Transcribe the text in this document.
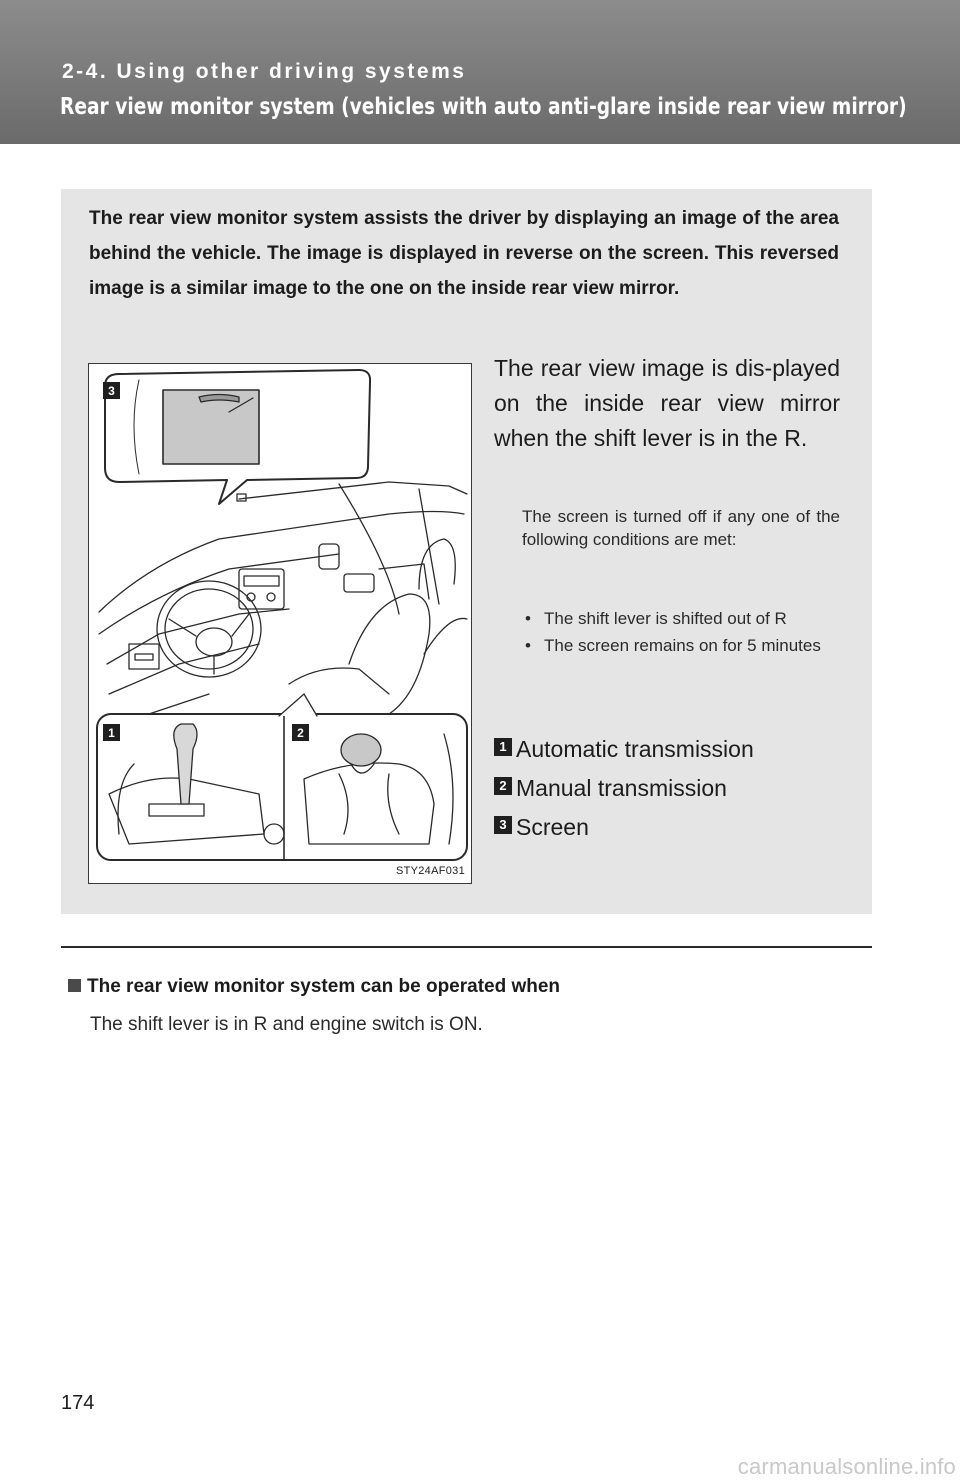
2-4. Using other driving systems

Rear view monitor system (vehicles with auto anti-glare inside rear view mirror)

The rear view monitor system assists the driver by displaying an image of the area behind the vehicle. The image is displayed in reverse on the screen. This reversed image is a similar image to the one on the inside rear view mirror.

3
1	2
STY24AF031

The rear view image is dis-played on the inside rear view mirror when the shift lever is in the R.

The screen is turned off if any one of the following conditions are met:

• The shift lever is shifted out of R
• The screen remains on for 5 minutes
1 Automatic transmission
2 Manual transmission
3 Screen

The rear view monitor system can be operated when

The shift lever is in R and engine switch is ON.

174

carmanualsonline.info
